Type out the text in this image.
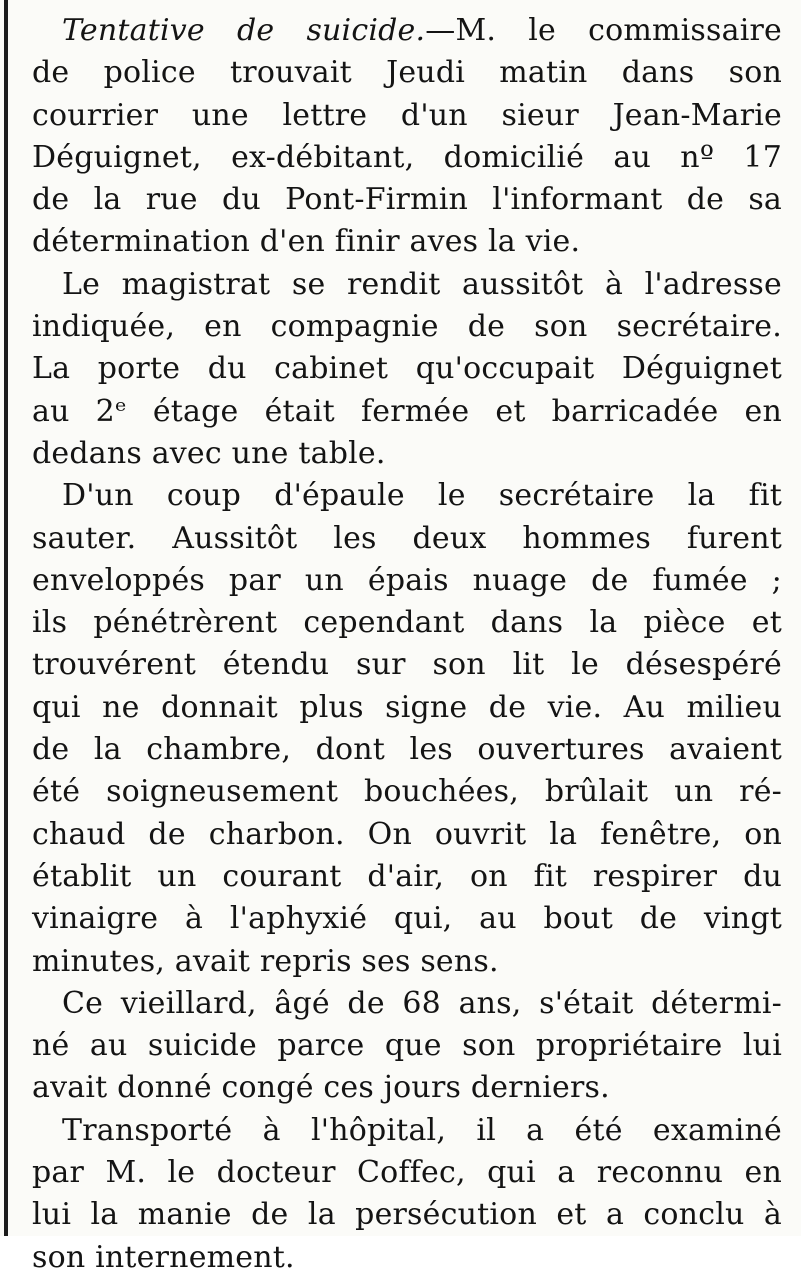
Tentative de suicide.—M. le commissaire
de police trouvait Jeudi matin dans son
courrier une lettre d'un sieur Jean-Marie
Déguignet, ex-débitant, domicilié au nº 17
de la rue du Pont-Firmin l'informant de sa
détermination d'en finir aves la vie.

Le magistrat se rendit aussitôt à l'adresse
indiquée, en compagnie de son secrétaire.
La porte du cabinet qu'occupait Déguignet
au 2ᵉ étage était fermée et barricadée en
dedans avec une table.

D'un coup d'épaule le secrétaire la fit
sauter. Aussitôt les deux hommes furent
enveloppés par un épais nuage de fumée ;
ils pénétrèrent cependant dans la pièce et
trouvérent étendu sur son lit le désespéré
qui ne donnait plus signe de vie. Au milieu
de la chambre, dont les ouvertures avaient
été soigneusement bouchées, brûlait un ré-
chaud de charbon. On ouvrit la fenêtre, on
établit un courant d'air, on fit respirer du
vinaigre à l'aphyxié qui, au bout de vingt
minutes, avait repris ses sens.

Ce vieillard, âgé de 68 ans, s'était détermi-
né au suicide parce que son propriétaire lui
avait donné congé ces jours derniers.

Transporté à l'hôpital, il a été examiné
par M. le docteur Coffec, qui a reconnu en
lui la manie de la persécution et a conclu à
son internement.
